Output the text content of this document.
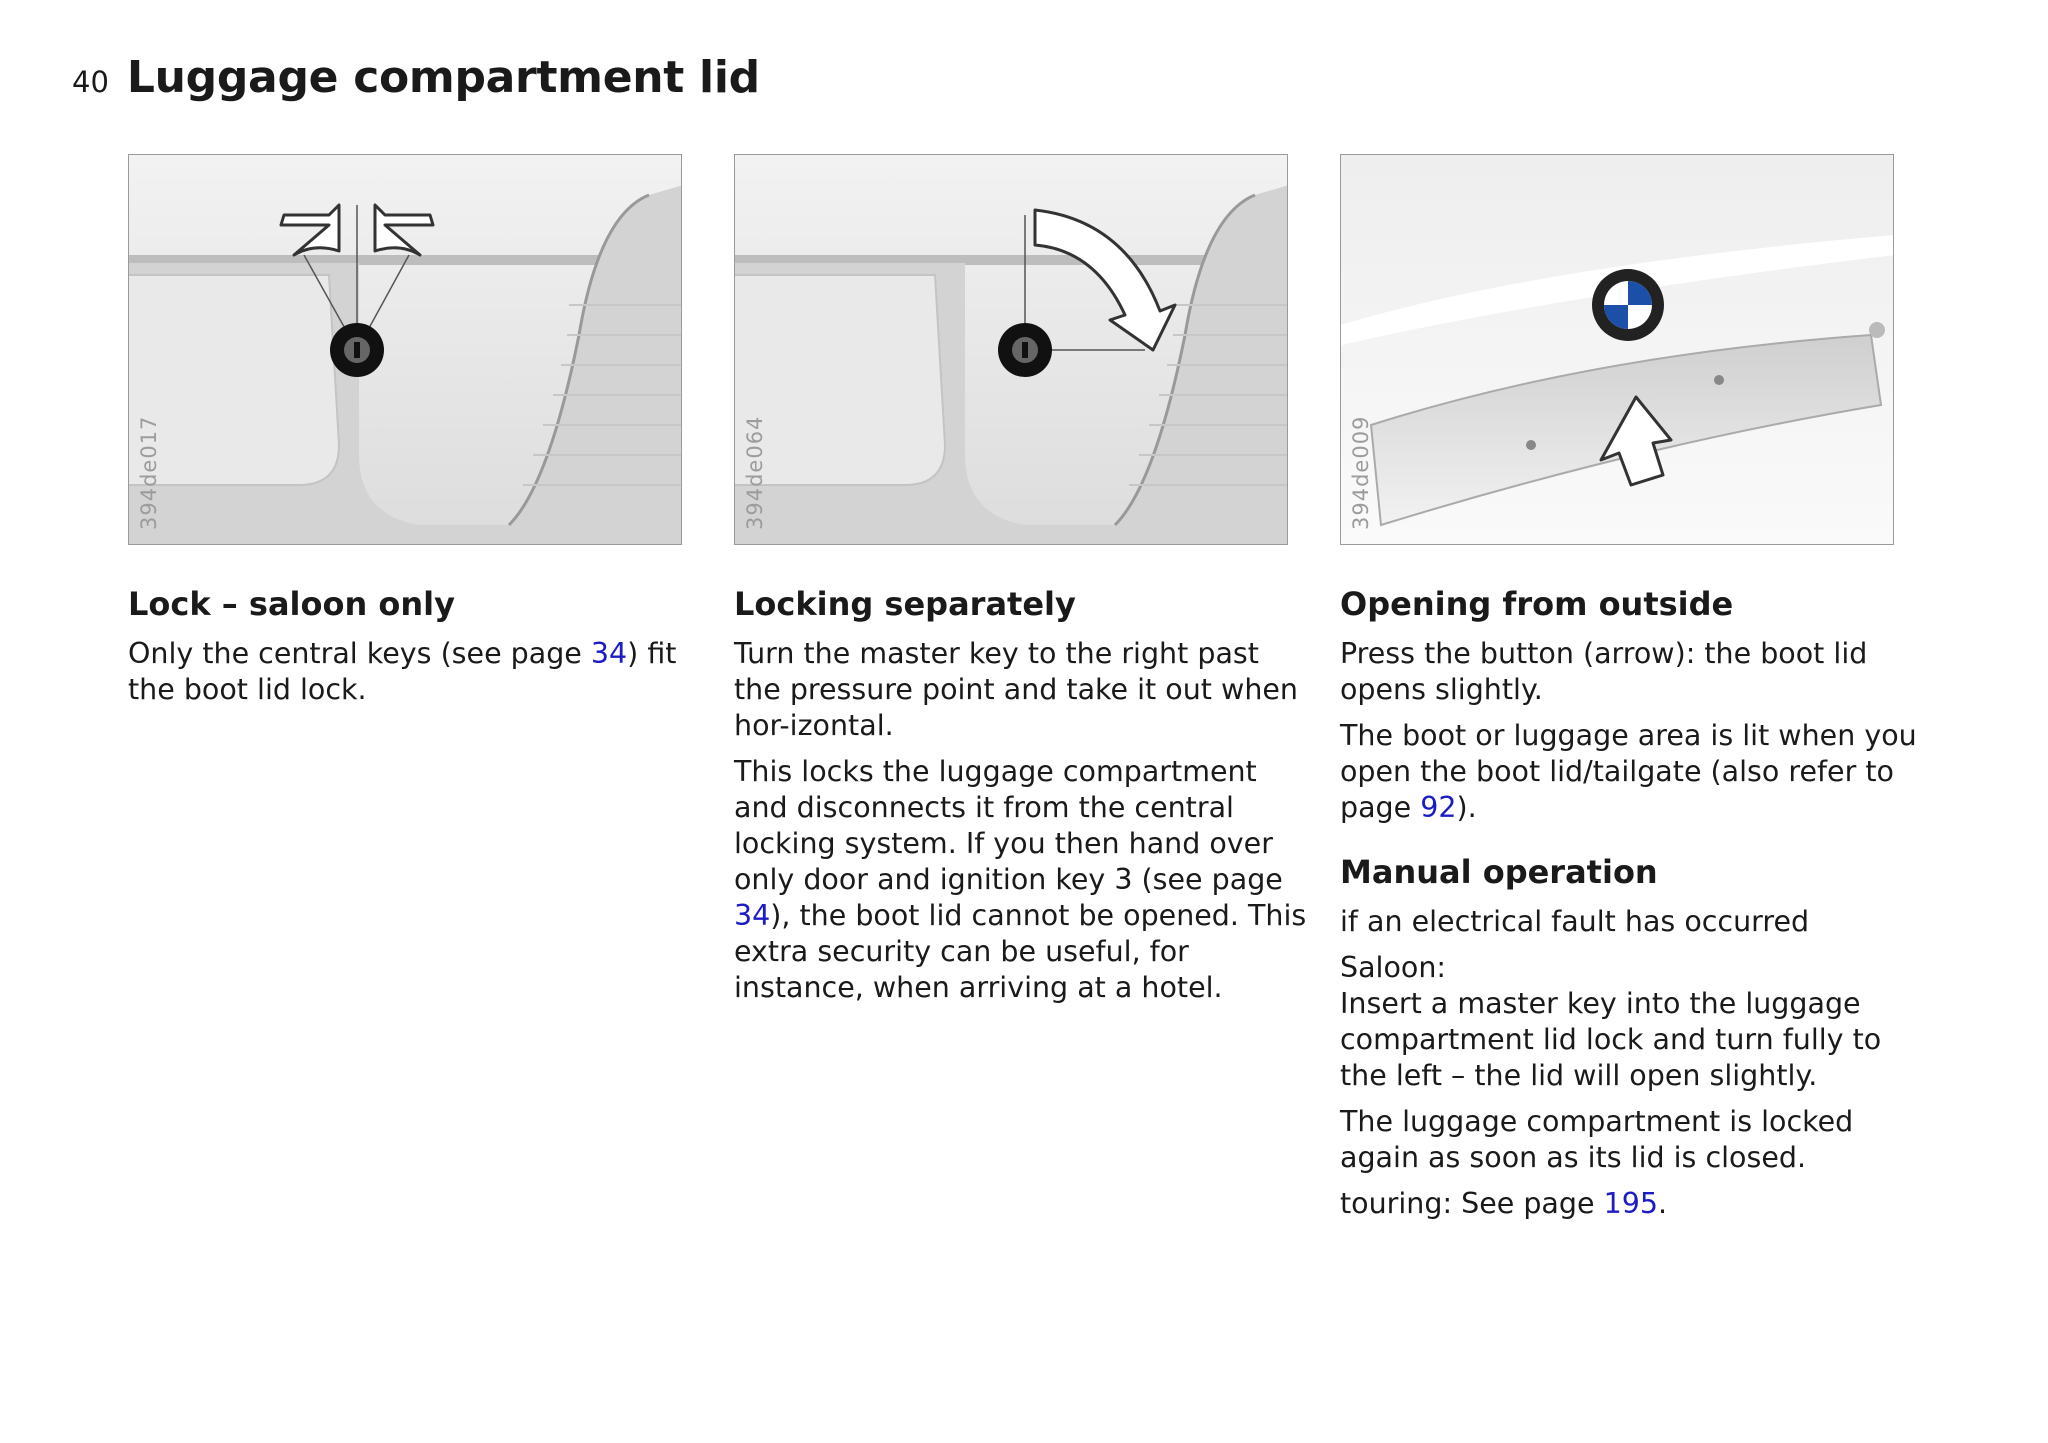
40 Luggage compartment lid
394de017	394de064	394de009
Lock – saloon only

Only the central keys (see page 34) fit the boot lid lock.

Locking separately

Turn the master key to the right past the pressure point and take it out when hor-izontal.

This locks the luggage compartment and disconnects it from the central locking system. If you then hand over only door and ignition key 3 (see page 34), the boot lid cannot be opened. This extra security can be useful, for instance, when arriving at a hotel.

Opening from outside

Press the button (arrow): the boot lid opens slightly.

The boot or luggage area is lit when you open the boot lid/tailgate (also refer to page 92).

Manual operation

if an electrical fault has occurred

Saloon:
Insert a master key into the luggage compartment lid lock and turn fully to the left – the lid will open slightly.

The luggage compartment is locked again as soon as its lid is closed.

touring: See page 195.
